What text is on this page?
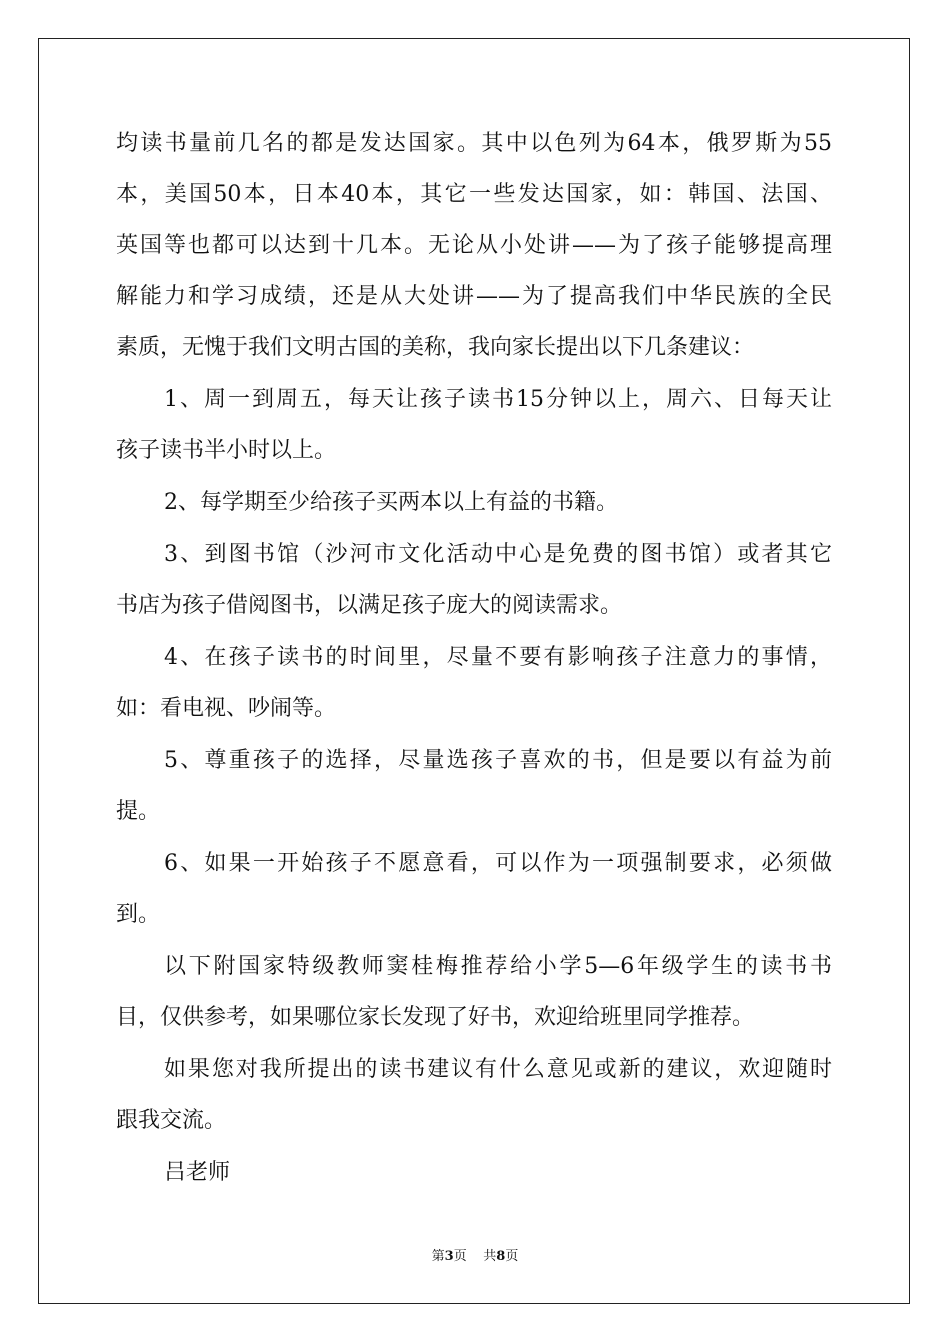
均读书量前几名的都是发达国家。其中以色列为64本，俄罗斯为55
本，美国50本，日本40本，其它一些发达国家，如：韩国、法国、
英国等也都可以达到十几本。无论从小处讲——为了孩子能够提高理
解能力和学习成绩，还是从大处讲——为了提高我们中华民族的全民
素质，无愧于我们文明古国的美称，我向家长提出以下几条建议：
1、周一到周五，每天让孩子读书15分钟以上，周六、日每天让
孩子读书半小时以上。
2、每学期至少给孩子买两本以上有益的书籍。
3、到图书馆（沙河市文化活动中心是免费的图书馆）或者其它
书店为孩子借阅图书，以满足孩子庞大的阅读需求。
4、在孩子读书的时间里，尽量不要有影响孩子注意力的事情，
如：看电视、吵闹等。
5、尊重孩子的选择，尽量选孩子喜欢的书，但是要以有益为前
提。
6、如果一开始孩子不愿意看，可以作为一项强制要求，必须做
到。
以下附国家特级教师窦桂梅推荐给小学5—6年级学生的读书书
目，仅供参考，如果哪位家长发现了好书，欢迎给班里同学推荐。
如果您对我所提出的读书建议有什么意见或新的建议，欢迎随时
跟我交流。
吕老师
第3页 共8页
